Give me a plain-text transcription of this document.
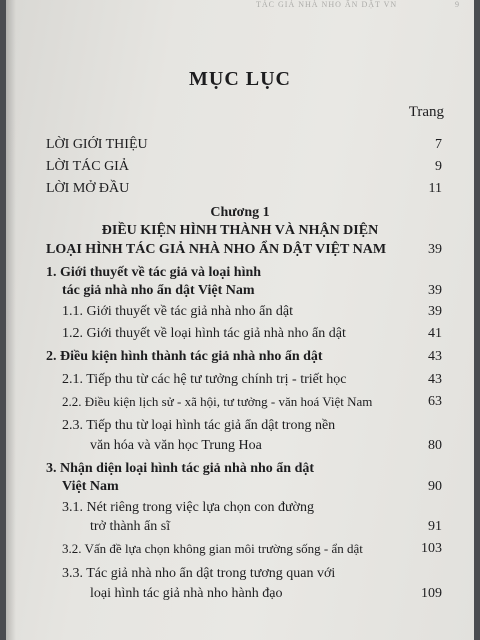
TÁC GIẢ NHÀ NHO ẨN DẬT VN	9
MỤC LỤC
Trang
LỜI GIỚI THIỆU	7
LỜI TÁC GIẢ	9
LỜI MỞ ĐẦU	11
Chương 1
ĐIỀU KIỆN HÌNH THÀNH VÀ NHẬN DIỆN
LOẠI HÌNH TÁC GIẢ NHÀ NHO ẨN DẬT VIỆT NAM	39
1. Giới thuyết về tác giả và loại hình
tác giả nhà nho ẩn dật Việt Nam	39
1.1. Giới thuyết về tác giả nhà nho ẩn dật	39
1.2. Giới thuyết về loại hình tác giả nhà nho ẩn dật	41
2. Điều kiện hình thành tác giả nhà nho ẩn dật	43
2.1. Tiếp thu từ các hệ tư tưởng chính trị - triết học	43
2.2. Điều kiện lịch sử - xã hội, tư tưởng - văn hoá Việt Nam	63
2.3. Tiếp thu từ loại hình tác giả ẩn dật trong nền
văn hóa và văn học Trung Hoa	80
3. Nhận diện loại hình tác giả nhà nho ẩn dật
Việt Nam	90
3.1. Nét riêng trong việc lựa chọn con đường
trở thành ẩn sĩ	91
3.2. Vấn đề lựa chọn không gian môi trường sống - ẩn dật	103
3.3. Tác giả nhà nho ẩn dật trong tương quan với
loại hình tác giả nhà nho hành đạo	109
